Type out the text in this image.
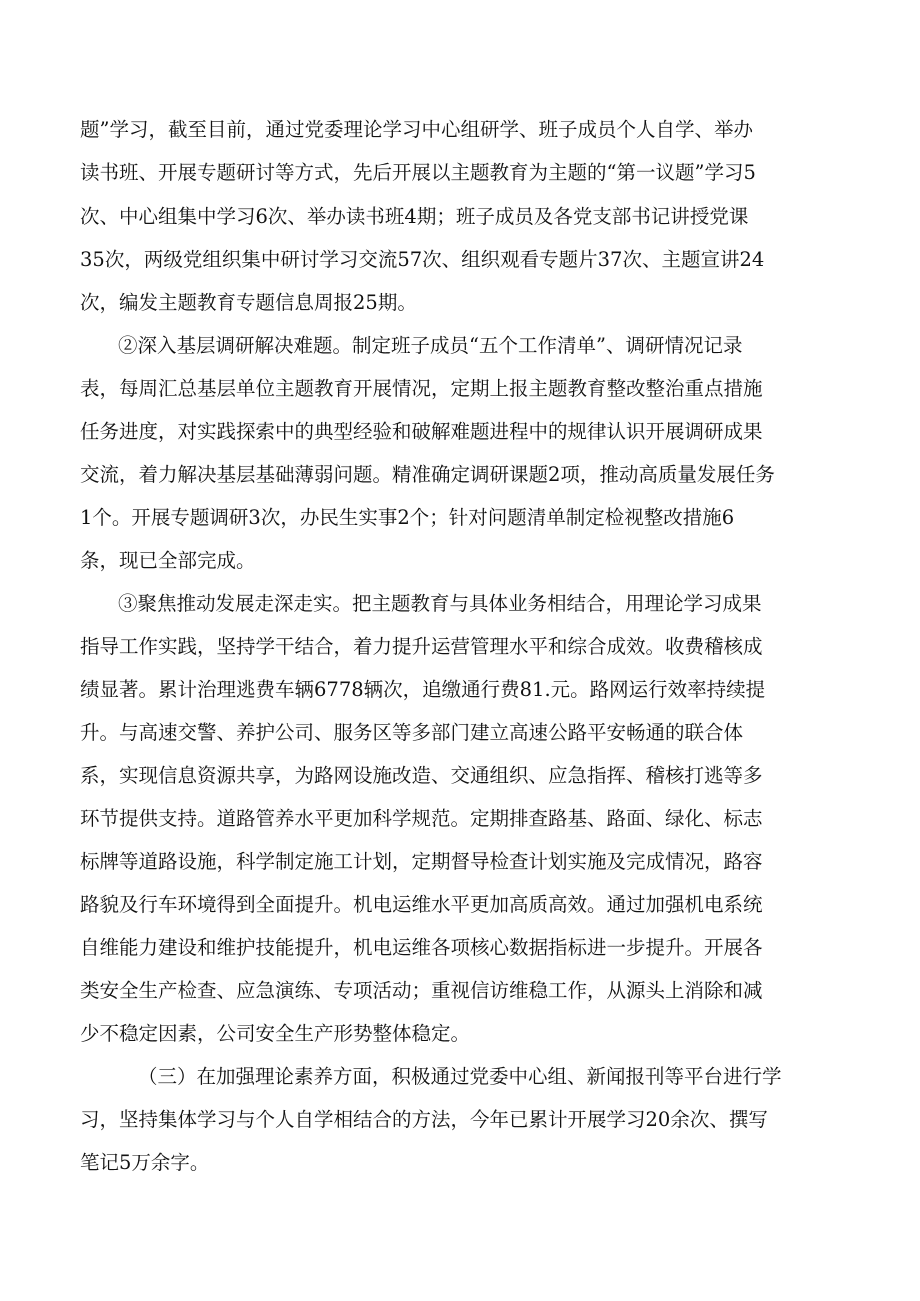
题”学习，截至目前，通过党委理论学习中心组研学、班子成员个人自学、举办
读书班、开展专题研讨等方式，先后开展以主题教育为主题的“第一议题”学习5
次、中心组集中学习6次、举办读书班4期；班子成员及各党支部书记讲授党课
35次，两级党组织集中研讨学习交流57次、组织观看专题片37次、主题宣讲24
次，编发主题教育专题信息周报25期。
②深入基层调研解决难题。制定班子成员“五个工作清单”、调研情况记录
表，每周汇总基层单位主题教育开展情况，定期上报主题教育整改整治重点措施
任务进度，对实践探索中的典型经验和破解难题进程中的规律认识开展调研成果
交流，着力解决基层基础薄弱问题。精准确定调研课题2项，推动高质量发展任务
1个。开展专题调研3次，办民生实事2个；针对问题清单制定检视整改措施6
条，现已全部完成。
③聚焦推动发展走深走实。把主题教育与具体业务相结合，用理论学习成果
指导工作实践，坚持学干结合，着力提升运营管理水平和综合成效。收费稽核成
绩显著。累计治理逃费车辆6778辆次，追缴通行费81.元。路网运行效率持续提
升。与高速交警、养护公司、服务区等多部门建立高速公路平安畅通的联合体
系，实现信息资源共享，为路网设施改造、交通组织、应急指挥、稽核打逃等多
环节提供支持。道路管养水平更加科学规范。定期排查路基、路面、绿化、标志
标牌等道路设施，科学制定施工计划，定期督导检查计划实施及完成情况，路容
路貌及行车环境得到全面提升。机电运维水平更加高质高效。通过加强机电系统
自维能力建设和维护技能提升，机电运维各项核心数据指标进一步提升。开展各
类安全生产检查、应急演练、专项活动；重视信访维稳工作，从源头上消除和减
少不稳定因素，公司安全生产形势整体稳定。
（三）在加强理论素养方面，积极通过党委中心组、新闻报刊等平台进行学
习，坚持集体学习与个人自学相结合的方法，今年已累计开展学习20余次、撰写
笔记5万余字。
